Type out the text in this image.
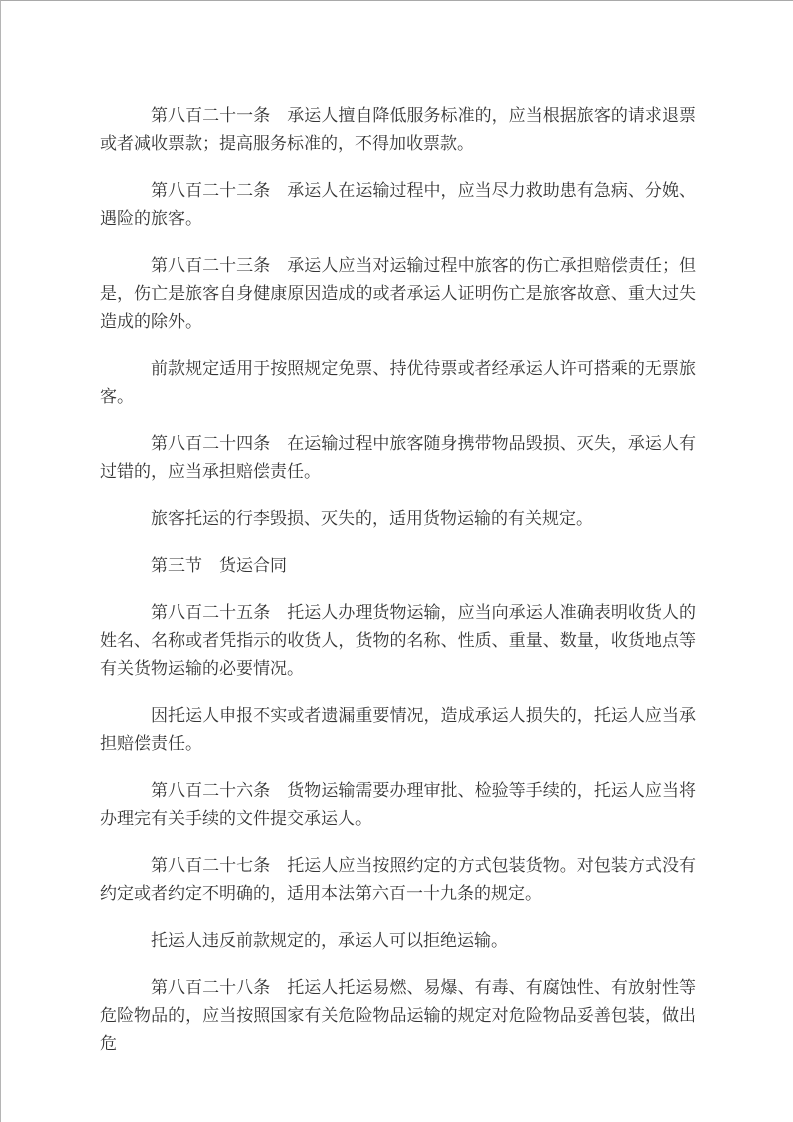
第八百二十一条　承运人擅自降低服务标准的，应当根据旅客的请求退票或者减收票款；提高服务标准的，不得加收票款。

第八百二十二条　承运人在运输过程中，应当尽力救助患有急病、分娩、遇险的旅客。

第八百二十三条　承运人应当对运输过程中旅客的伤亡承担赔偿责任；但是，伤亡是旅客自身健康原因造成的或者承运人证明伤亡是旅客故意、重大过失造成的除外。

前款规定适用于按照规定免票、持优待票或者经承运人许可搭乘的无票旅客。

第八百二十四条　在运输过程中旅客随身携带物品毁损、灭失，承运人有过错的，应当承担赔偿责任。

旅客托运的行李毁损、灭失的，适用货物运输的有关规定。

第三节　货运合同

第八百二十五条　托运人办理货物运输，应当向承运人准确表明收货人的姓名、名称或者凭指示的收货人，货物的名称、性质、重量、数量，收货地点等有关货物运输的必要情况。

因托运人申报不实或者遗漏重要情况，造成承运人损失的，托运人应当承担赔偿责任。

第八百二十六条　货物运输需要办理审批、检验等手续的，托运人应当将办理完有关手续的文件提交承运人。

第八百二十七条　托运人应当按照约定的方式包装货物。对包装方式没有约定或者约定不明确的，适用本法第六百一十九条的规定。

托运人违反前款规定的，承运人可以拒绝运输。

第八百二十八条　托运人托运易燃、易爆、有毒、有腐蚀性、有放射性等危险物品的，应当按照国家有关危险物品运输的规定对危险物品妥善包装，做出危
